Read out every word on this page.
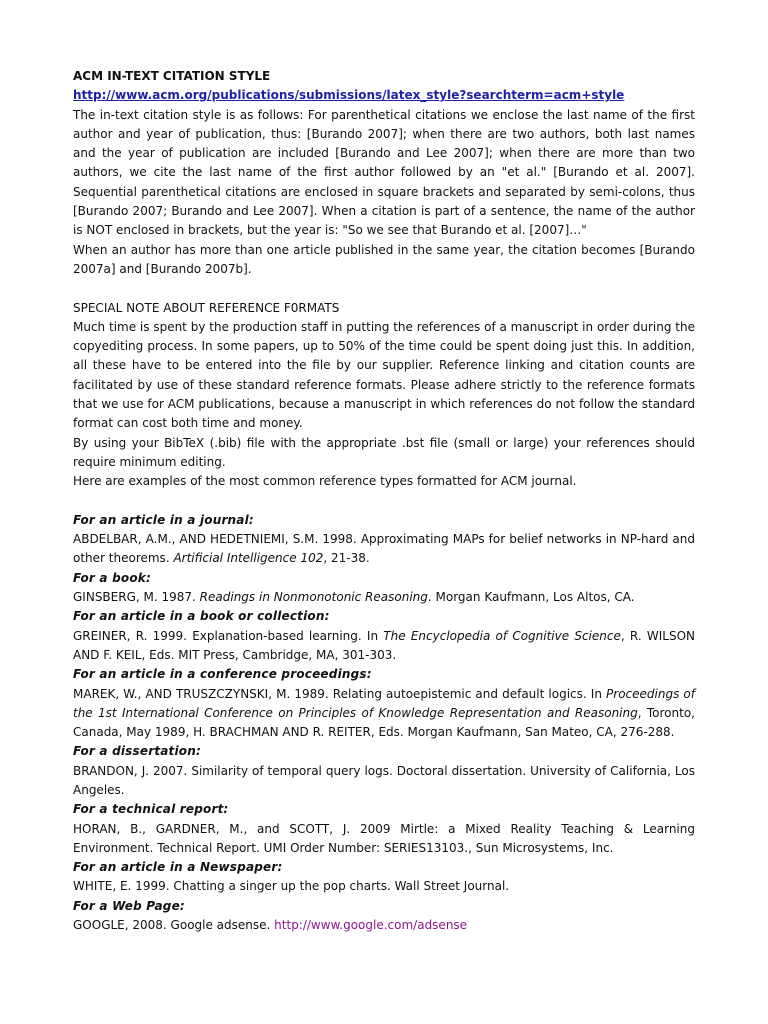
ACM IN-TEXT CITATION STYLE

http://www.acm.org/publications/submissions/latex_style?searchterm=acm+style

The in-text citation style is as follows: For parenthetical citations we enclose the last name of the first author and year of publication, thus: [Burando 2007]; when there are two authors, both last names and the year of publication are included [Burando and Lee 2007]; when there are more than two authors, we cite the last name of the first author followed by an "et al." [Burando et al. 2007]. Sequential parenthetical citations are enclosed in square brackets and separated by semi-colons, thus [Burando 2007; Burando and Lee 2007]. When a citation is part of a sentence, the name of the author is NOT enclosed in brackets, but the year is: "So we see that Burando et al. [2007]…"

When an author has more than one article published in the same year, the citation becomes [Burando 2007a] and [Burando 2007b].

SPECIAL NOTE ABOUT REFERENCE F0RMATS

Much time is spent by the production staff in putting the references of a manuscript in order during the copyediting process. In some papers, up to 50% of the time could be spent doing just this. In addition, all these have to be entered into the file by our supplier. Reference linking and citation counts are facilitated by use of these standard reference formats. Please adhere strictly to the reference formats that we use for ACM publications, because a manuscript in which references do not follow the standard format can cost both time and money.

By using your BibTeX (.bib) file with the appropriate .bst file (small or large) your references should require minimum editing.

Here are examples of the most common reference types formatted for ACM journal.

For an article in a journal:

ABDELBAR, A.M., AND HEDETNIEMI, S.M. 1998. Approximating MAPs for belief networks in NP-hard and other theorems. Artificial Intelligence 102, 21-38.

For a book:

GINSBERG, M. 1987. Readings in Nonmonotonic Reasoning. Morgan Kaufmann, Los Altos, CA.

For an article in a book or collection:

GREINER, R. 1999. Explanation-based learning. In The Encyclopedia of Cognitive Science, R. WILSON AND F. KEIL, Eds. MIT Press, Cambridge, MA, 301-303.

For an article in a conference proceedings:

MAREK, W., AND TRUSZCZYNSKI, M. 1989. Relating autoepistemic and default logics. In Proceedings of the 1st International Conference on Principles of Knowledge Representation and Reasoning, Toronto, Canada, May 1989, H. BRACHMAN AND R. REITER, Eds. Morgan Kaufmann, San Mateo, CA, 276-288.

For a dissertation:

BRANDON, J. 2007. Similarity of temporal query logs. Doctoral dissertation. University of California, Los Angeles.

For a technical report:

HORAN, B., GARDNER, M., and SCOTT, J. 2009 Mirtle: a Mixed Reality Teaching & Learning Environment. Technical Report. UMI Order Number: SERIES13103., Sun Microsystems, Inc.

For an article in a Newspaper:

WHITE, E. 1999. Chatting a singer up the pop charts. Wall Street Journal.

For a Web Page:

GOOGLE, 2008. Google adsense. http://www.google.com/adsense
